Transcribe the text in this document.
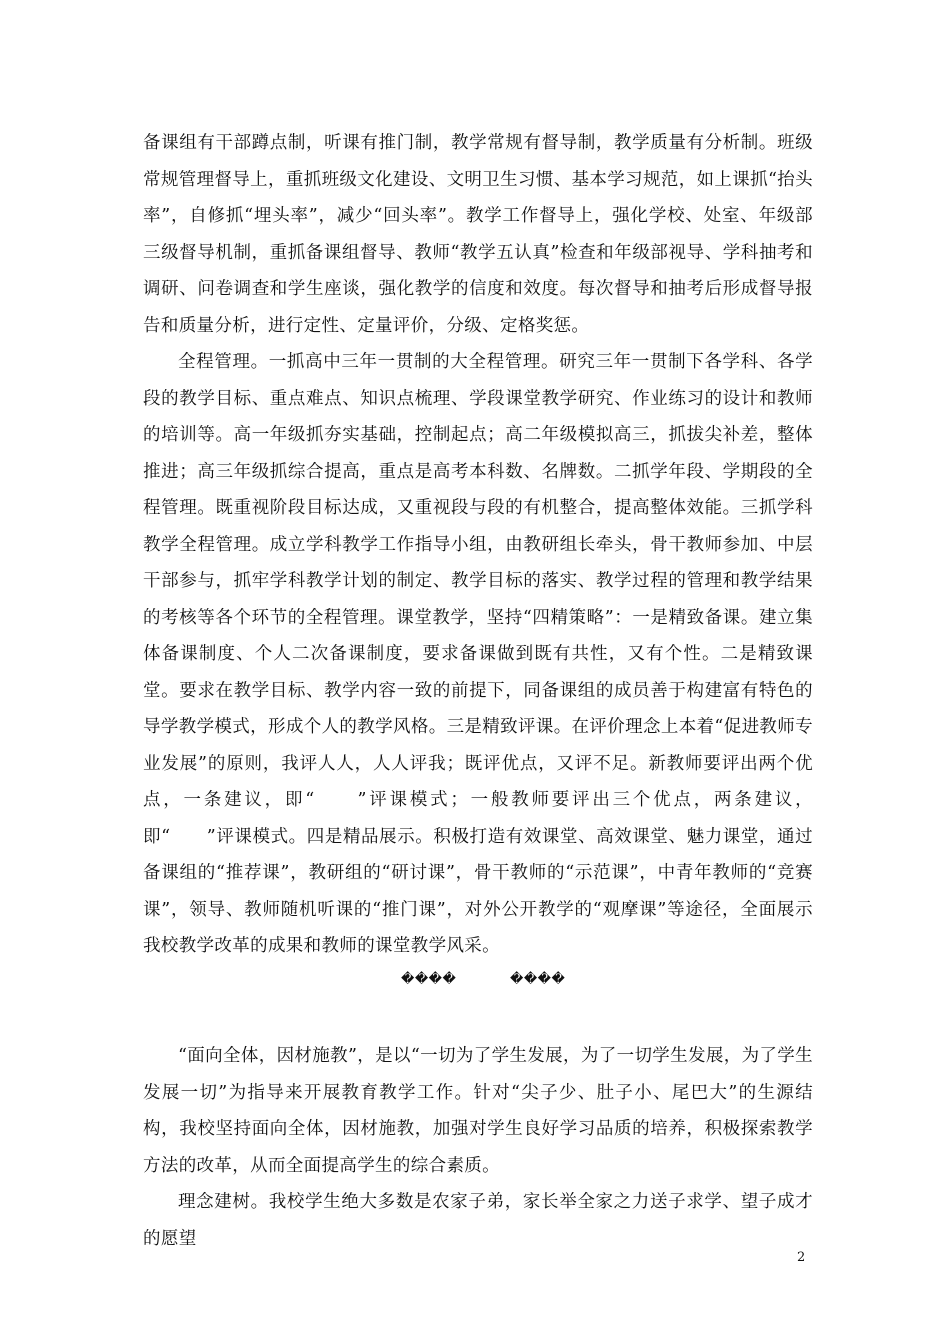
备课组有干部蹲点制，听课有推门制，教学常规有督导制，教学质量有分析制。班级常规管理督导上，重抓班级文化建设、文明卫生习惯、基本学习规范，如上课抓“抬头率”，自修抓“埋头率”，减少“回头率”。教学工作督导上，强化学校、处室、年级部三级督导机制，重抓备课组督导、教师“教学五认真”检查和年级部视导、学科抽考和调研、问卷调查和学生座谈，强化教学的信度和效度。每次督导和抽考后形成督导报告和质量分析，进行定性、定量评价，分级、定格奖惩。

全程管理。一抓高中三年一贯制的大全程管理。研究三年一贯制下各学科、各学段的教学目标、重点难点、知识点梳理、学段课堂教学研究、作业练习的设计和教师的培训等。高一年级抓夯实基础，控制起点；高二年级模拟高三，抓拔尖补差，整体推进；高三年级抓综合提高，重点是高考本科数、名牌数。二抓学年段、学期段的全程管理。既重视阶段目标达成，又重视段与段的有机整合，提高整体效能。三抓学科教学全程管理。成立学科教学工作指导小组，由教研组长牵头，骨干教师参加、中层干部参与，抓牢学科教学计划的制定、教学目标的落实、教学过程的管理和教学结果的考核等各个环节的全程管理。课堂教学，坚持“四精策略”：一是精致备课。建立集体备课制度、个人二次备课制度，要求备课做到既有共性，又有个性。二是精致课堂。要求在教学目标、教学内容一致的前提下，同备课组的成员善于构建富有特色的导学教学模式，形成个人的教学风格。三是精致评课。在评价理念上本着“促进教师专业发展”的原则，我评人人，人人评我；既评优点，又评不足。新教师要评出两个优点，一条建议，即“　　”评课模式；一般教师要评出三个优点，两条建议，即“　　”评课模式。四是精品展示。积极打造有效课堂、高效课堂、魅力课堂，通过备课组的“推荐课”，教研组的“研讨课”，骨干教师的“示范课”，中青年教师的“竞赛课”，领导、教师随机听课的“推门课”，对外公开教学的“观摩课”等途径，全面展示我校教学改革的成果和教师的课堂教学风采。

����	����

“面向全体，因材施教”，是以“一切为了学生发展，为了一切学生发展，为了学生发展一切”为指导来开展教育教学工作。针对“尖子少、肚子小、尾巴大”的生源结构，我校坚持面向全体，因材施教，加强对学生良好学习品质的培养，积极探索教学方法的改革，从而全面提高学生的综合素质。

理念建树。我校学生绝大多数是农家子弟，家长举全家之力送子求学、望子成才的愿望

2
